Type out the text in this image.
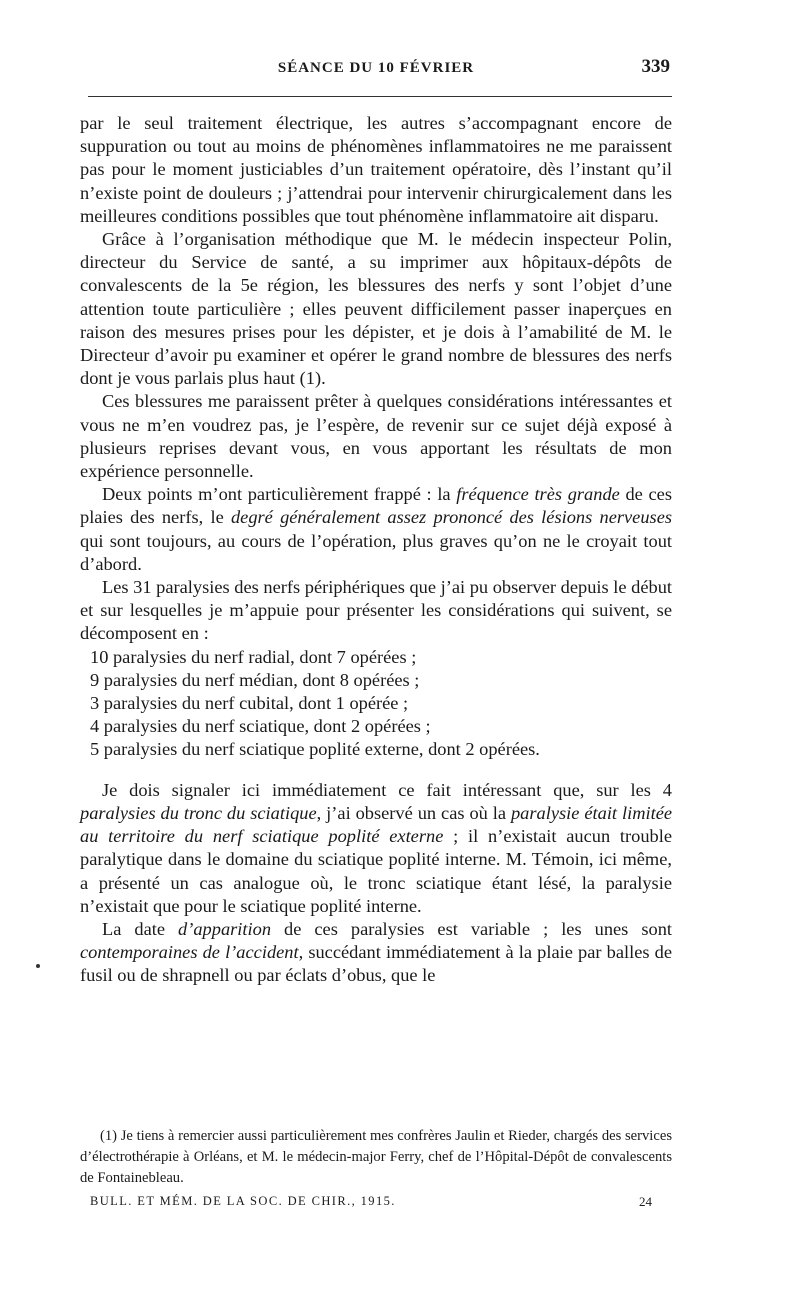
SÉANCE DU 10 FÉVRIER	339

par le seul traitement électrique, les autres s’accompagnant encore de suppuration ou tout au moins de phénomènes inflammatoires ne me paraissent pas pour le moment justiciables d’un traitement opératoire, dès l’instant qu’il n’existe point de douleurs ; j’attendrai pour intervenir chirurgicalement dans les meilleures conditions possibles que tout phénomène inflammatoire ait disparu.

Grâce à l’organisation méthodique que M. le médecin inspecteur Polin, directeur du Service de santé, a su imprimer aux hôpitaux-dépôts de convalescents de la 5e région, les blessures des nerfs y sont l’objet d’une attention toute particulière ; elles peuvent difficilement passer inaperçues en raison des mesures prises pour les dépister, et je dois à l’amabilité de M. le Directeur d’avoir pu examiner et opérer le grand nombre de blessures des nerfs dont je vous parlais plus haut (1).

Ces blessures me paraissent prêter à quelques considérations intéressantes et vous ne m’en voudrez pas, je l’espère, de revenir sur ce sujet déjà exposé à plusieurs reprises devant vous, en vous apportant les résultats de mon expérience personnelle.

Deux points m’ont particulièrement frappé : la fréquence très grande de ces plaies des nerfs, le degré généralement assez prononcé des lésions nerveuses qui sont toujours, au cours de l’opération, plus graves qu’on ne le croyait tout d’abord.

Les 31 paralysies des nerfs périphériques que j’ai pu observer depuis le début et sur lesquelles je m’appuie pour présenter les considérations qui suivent, se décomposent en :

10 paralysies du nerf radial, dont 7 opérées ;
9 paralysies du nerf médian, dont 8 opérées ;
3 paralysies du nerf cubital, dont 1 opérée ;
4 paralysies du nerf sciatique, dont 2 opérées ;
5 paralysies du nerf sciatique poplité externe, dont 2 opérées.

Je dois signaler ici immédiatement ce fait intéressant que, sur les 4 paralysies du tronc du sciatique, j’ai observé un cas où la paralysie était limitée au territoire du nerf sciatique poplité externe ; il n’existait aucun trouble paralytique dans le domaine du sciatique poplité interne. M. Témoin, ici même, a présenté un cas analogue où, le tronc sciatique étant lésé, la paralysie n’existait que pour le sciatique poplité interne.

La date d’apparition de ces paralysies est variable ; les unes sont contemporaines de l’accident, succédant immédiatement à la plaie par balles de fusil ou de shrapnell ou par éclats d’obus, que le

(1) Je tiens à remercier aussi particulièrement mes confrères Jaulin et Rieder, chargés des services d’électrothérapie à Orléans, et M. le médecin-major Ferry, chef de l’Hôpital-Dépôt de convalescents de Fontainebleau.

BULL. ET MÉM. DE LA SOC. DE CHIR., 1915.	24
